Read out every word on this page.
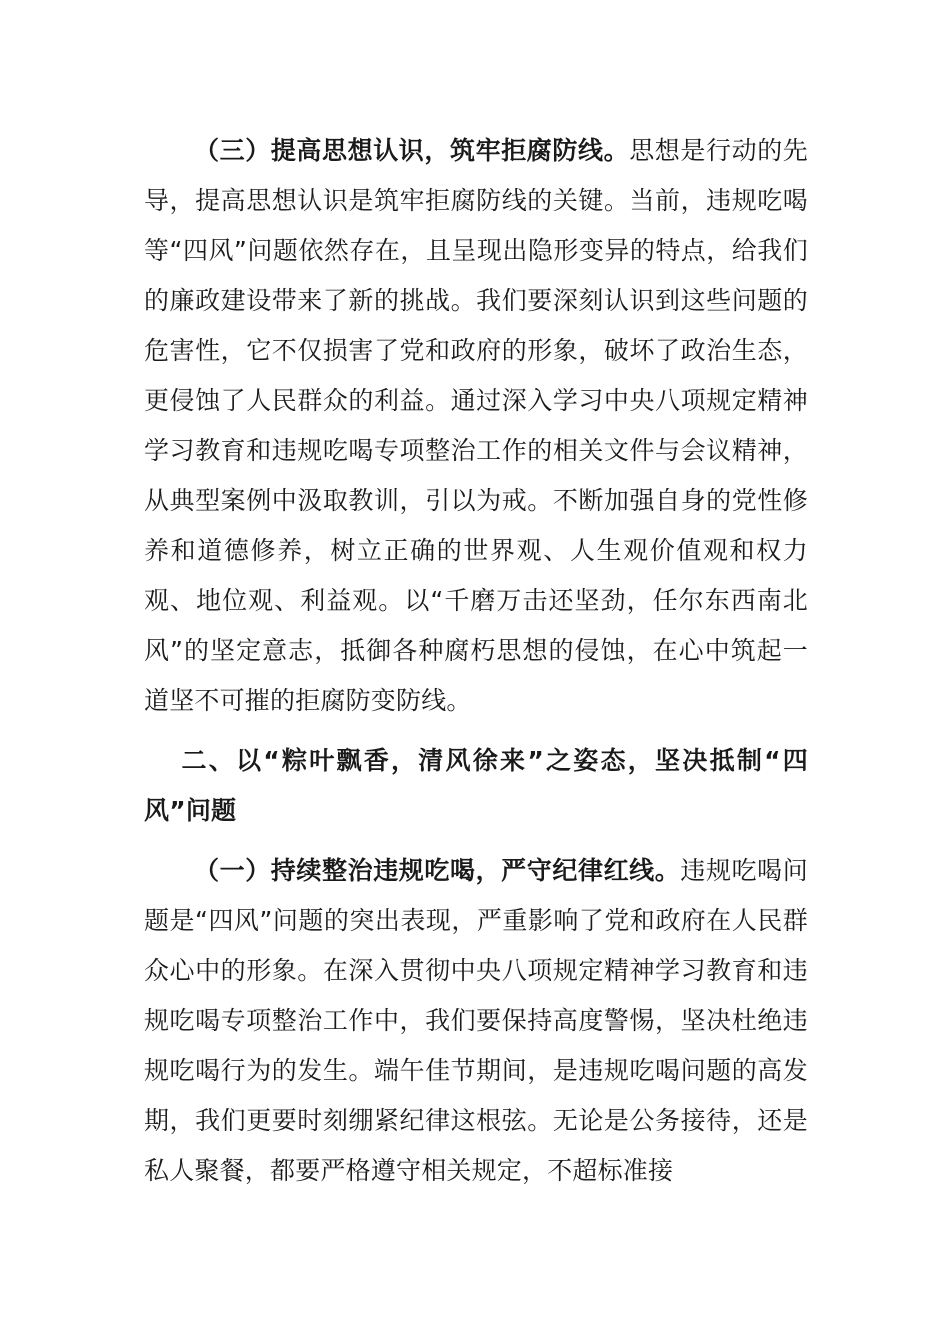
（三）提高思想认识，筑牢拒腐防线。思想是行动的先导，提高思想认识是筑牢拒腐防线的关键。当前，违规吃喝等“四风”问题依然存在，且呈现出隐形变异的特点，给我们的廉政建设带来了新的挑战。我们要深刻认识到这些问题的危害性，它不仅损害了党和政府的形象，破坏了政治生态，更侵蚀了人民群众的利益。通过深入学习中央八项规定精神学习教育和违规吃喝专项整治工作的相关文件与会议精神，从典型案例中汲取教训，引以为戒。不断加强自身的党性修养和道德修养，树立正确的世界观、人生观价值观和权力观、地位观、利益观。以“千磨万击还坚劲，任尔东西南北风”的坚定意志，抵御各种腐朽思想的侵蚀，在心中筑起一道坚不可摧的拒腐防变防线。

二、以“粽叶飘香，清风徐来”之姿态，坚决抵制“四风”问题

（一）持续整治违规吃喝，严守纪律红线。违规吃喝问题是“四风”问题的突出表现，严重影响了党和政府在人民群众心中的形象。在深入贯彻中央八项规定精神学习教育和违规吃喝专项整治工作中，我们要保持高度警惕，坚决杜绝违规吃喝行为的发生。端午佳节期间，是违规吃喝问题的高发期，我们更要时刻绷紧纪律这根弦。无论是公务接待，还是私人聚餐，都要严格遵守相关规定，不超标准接
